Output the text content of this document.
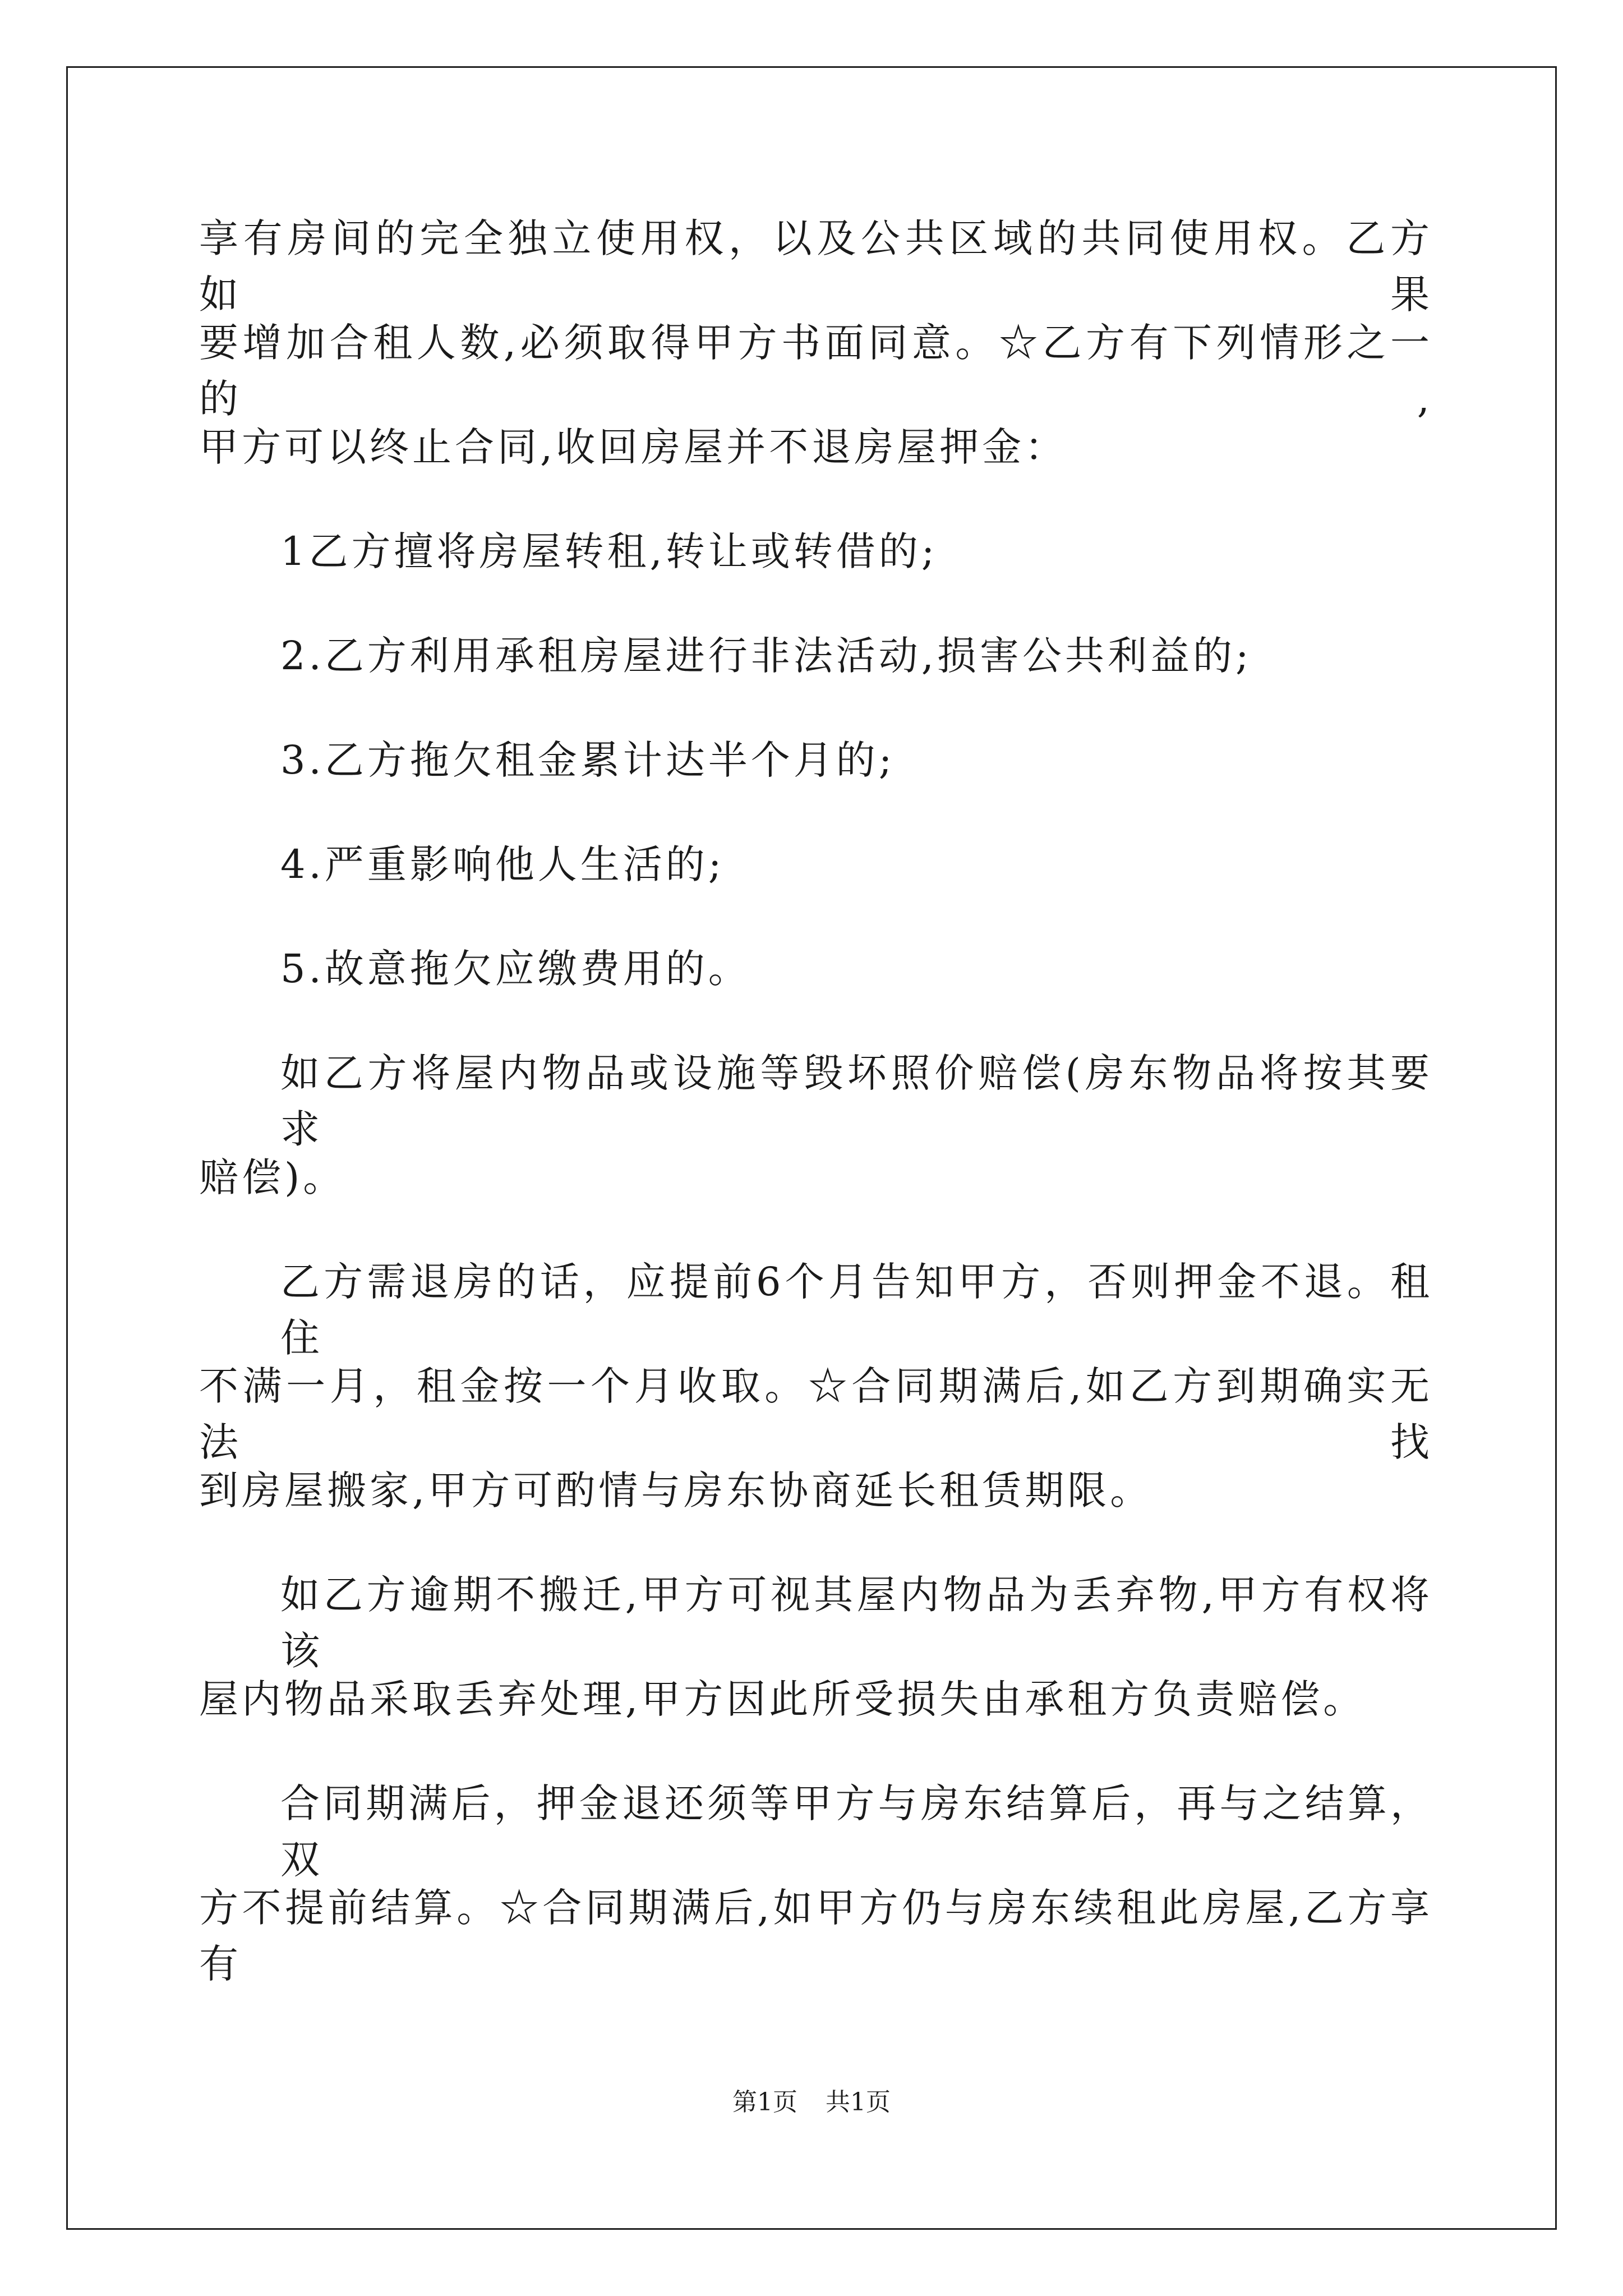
享有房间的完全独立使用权，以及公共区域的共同使用权。乙方如果
要增加合租人数,必须取得甲方书面同意。☆乙方有下列情形之一的,
甲方可以终止合同,收回房屋并不退房屋押金：
1乙方擅将房屋转租,转让或转借的;
2.乙方利用承租房屋进行非法活动,损害公共利益的;
3.乙方拖欠租金累计达半个月的;
4.严重影响他人生活的;
5.故意拖欠应缴费用的。
如乙方将屋内物品或设施等毁坏照价赔偿(房东物品将按其要求
赔偿)。
乙方需退房的话，应提前6个月告知甲方，否则押金不退。租住
不满一月，租金按一个月收取。☆合同期满后,如乙方到期确实无法找
到房屋搬家,甲方可酌情与房东协商延长租赁期限。
如乙方逾期不搬迁,甲方可视其屋内物品为丢弃物,甲方有权将该
屋内物品采取丢弃处理,甲方因此所受损失由承租方负责赔偿。
合同期满后，押金退还须等甲方与房东结算后，再与之结算，双
方不提前结算。☆合同期满后,如甲方仍与房东续租此房屋,乙方享有
第1页 共1页
